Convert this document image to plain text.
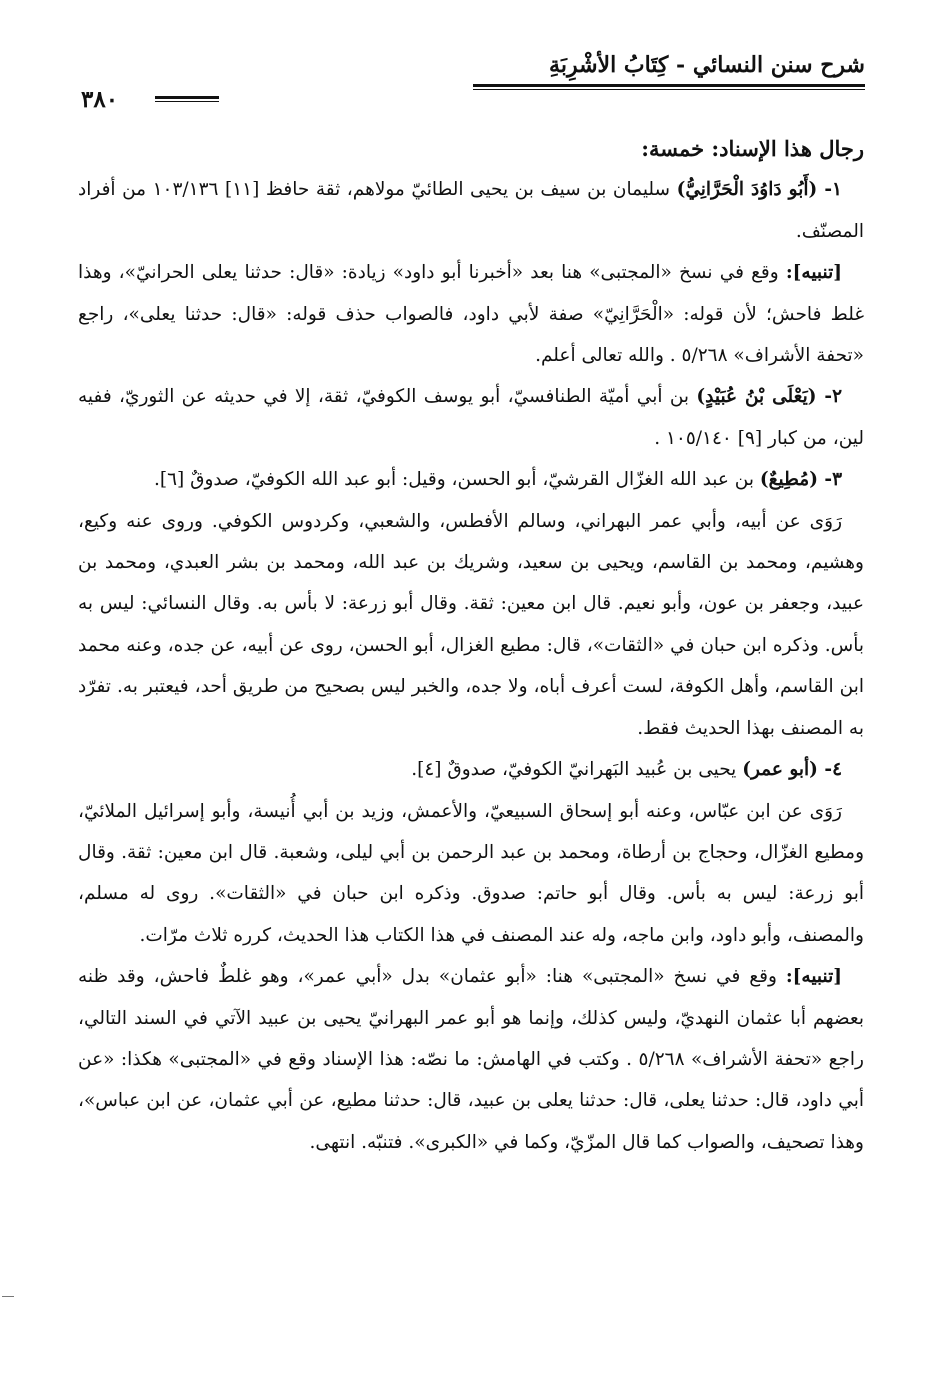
شرح سنن النسائي - كِتَابُ الأشْرِبَةِ
٣٨٠

رجال هذا الإسناد: خمسة:

١- (أَبُو دَاوُدَ الْحَرَّانِيُّ) سليمان بن سيف بن يحيى الطائيّ مولاهم، ثقة حافظ [١١] ١٠٣/١٣٦ من أفراد المصنّف.

[تنبيه]: وقع في نسخ «المجتبى» هنا بعد «أخبرنا أبو داود» زيادة: «قال: حدثنا يعلى الحرانيّ»، وهذا غلط فاحش؛ لأن قوله: «الْحَرَّانِيّ» صفة لأبي داود، فالصواب حذف قوله: «قال: حدثنا يعلى»، راجع «تحفة الأشراف» ٥/٢٦٨ . والله تعالى أعلم.

٢- (يَعْلَى بْنُ عُبَيْدٍ) بن أبي أميّة الطنافسيّ، أبو يوسف الكوفيّ، ثقة، إلا في حديثه عن الثوريّ، ففيه لين، من كبار [٩] ١٠٥/١٤٠ .

٣- (مُطِيعٌ) بن عبد الله الغزّال القرشيّ، أبو الحسن، وقيل: أبو عبد الله الكوفيّ، صدوقٌ [٦].

رَوَى عن أبيه، وأبي عمر البهراني، وسالم الأفطس، والشعبي، وكردوس الكوفي. وروى عنه وكيع، وهشيم، ومحمد بن القاسم، ويحيى بن سعيد، وشريك بن عبد الله، ومحمد بن بشر العبدي، ومحمد بن عبيد، وجعفر بن عون، وأبو نعيم. قال ابن معين: ثقة. وقال أبو زرعة: لا بأس به. وقال النسائي: ليس به بأس. وذكره ابن حبان في «الثقات»، قال: مطيع الغزال، أبو الحسن، روى عن أبيه، عن جده، وعنه محمد ابن القاسم، وأهل الكوفة، لست أعرف أباه، ولا جده، والخبر ليس بصحيح من طريق أحد، فيعتبر به. تفرّد به المصنف بهذا الحديث فقط.

٤- (أبو عمر) يحيى بن عُبيد البَهرانيّ الكوفيّ، صدوقٌ [٤].

رَوَى عن ابن عبّاس، وعنه أبو إسحاق السبيعيّ، والأعمش، وزيد بن أبي أُنيسة، وأبو إسرائيل الملائيّ، ومطيع الغزّال، وحجاج بن أرطاة، ومحمد بن عبد الرحمن بن أبي ليلى، وشعبة. قال ابن معين: ثقة. وقال أبو زرعة: ليس به بأس. وقال أبو حاتم: صدوق. وذكره ابن حبان في «الثقات». روى له مسلم، والمصنف، وأبو داود، وابن ماجه، وله عند المصنف في هذا الكتاب هذا الحديث، كرره ثلاث مرّات.

[تنبيه]: وقع في نسخ «المجتبى» هنا: «أبو عثمان» بدل «أبي عمر»، وهو غلطٌ فاحش، وقد ظنه بعضهم أبا عثمان النهديّ، وليس كذلك، وإنما هو أبو عمر البهرانيّ يحيى بن عبيد الآتي في السند التالي، راجع «تحفة الأشراف» ٥/٢٦٨ . وكتب في الهامش: ما نصّه: هذا الإسناد وقع في «المجتبى» هكذا: «عن أبي داود، قال: حدثنا يعلى، قال: حدثنا يعلى بن عبيد، قال: حدثنا مطيع، عن أبي عثمان، عن ابن عباس»، وهذا تصحيف، والصواب كما قال المزّيّ، وكما في «الكبرى». فتنبّه. انتهى.
